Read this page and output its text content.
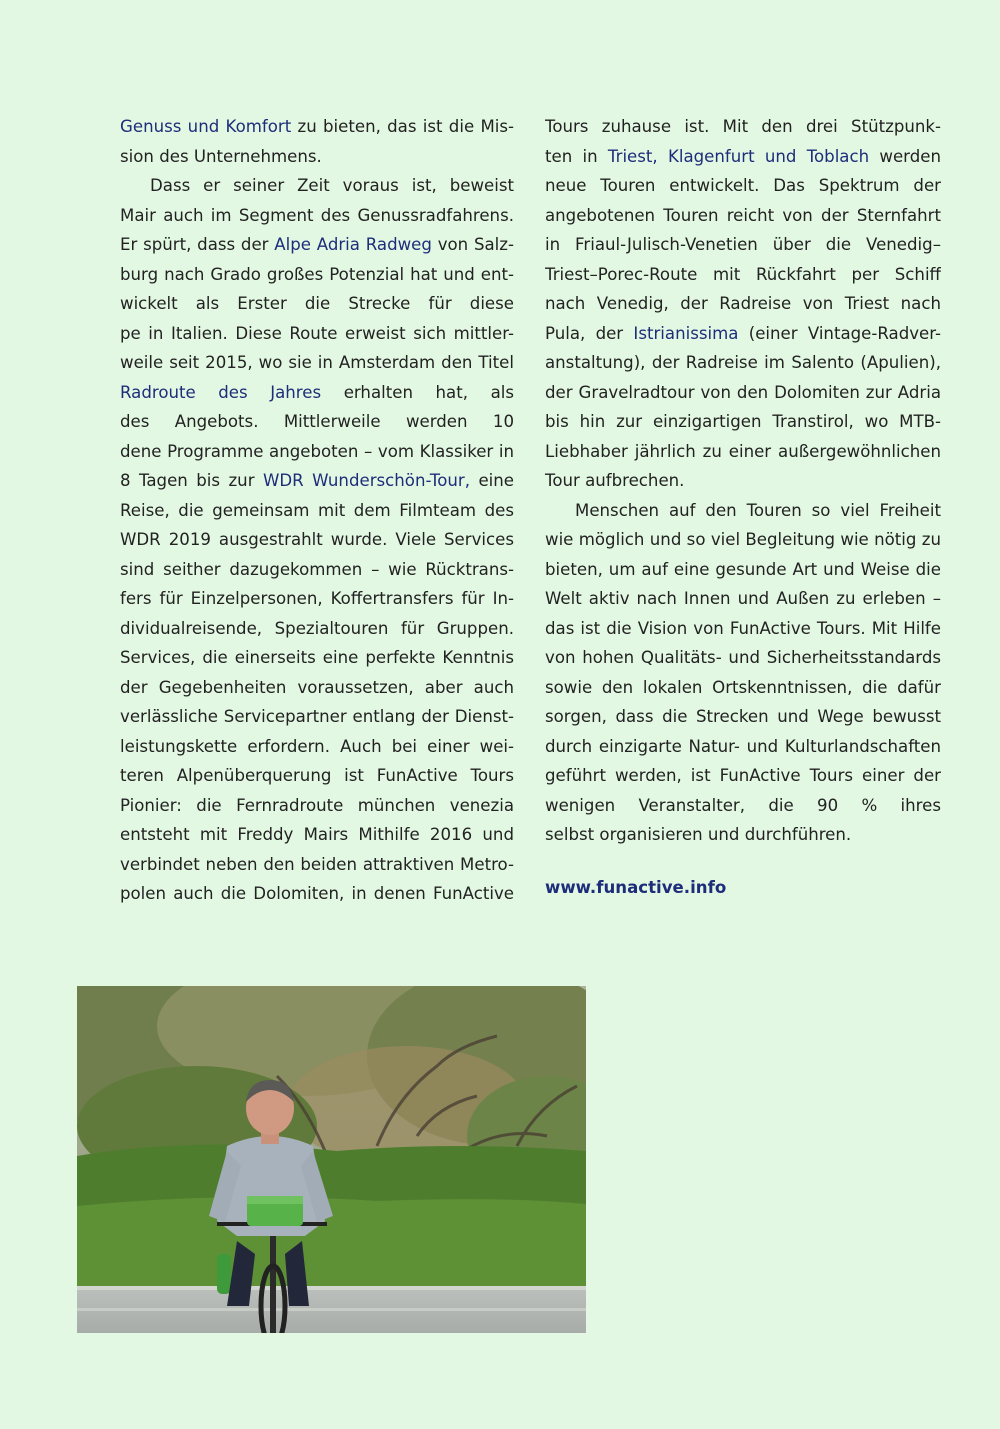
Genuss und Komfort zu bieten, das ist die Mis-
sion des Unternehmens.
Dass er seiner Zeit voraus ist, beweist
Mair auch im Segment des Genussradfahrens.
Er spürt, dass der Alpe Adria Radweg von Salz-
burg nach Grado großes Potenzial hat und ent-
wickelt als Erster die Strecke für diese
pe in Italien. Diese Route erweist sich mittler-
weile seit 2015, wo sie in Amsterdam den Titel
Radroute des Jahres erhalten hat, als
des Angebots. Mittlerweile werden 10
dene Programme angeboten – vom Klassiker in
8 Tagen bis zur WDR Wunderschön-Tour, eine
Reise, die gemeinsam mit dem Filmteam des
WDR 2019 ausgestrahlt wurde. Viele Services
sind seither dazugekommen – wie Rücktrans-
fers für Einzelpersonen, Koffertransfers für In-
dividualreisende, Spezialtouren für Gruppen.
Services, die einerseits eine perfekte Kenntnis
der Gegebenheiten voraussetzen, aber auch
verlässliche Servicepartner entlang der Dienst-
leistungskette erfordern. Auch bei einer wei-
teren Alpenüberquerung ist FunActive Tours
Pionier: die Fernradroute münchen venezia
entsteht mit Freddy Mairs Mithilfe 2016 und
verbindet neben den beiden attraktiven Metro-
polen auch die Dolomiten, in denen FunActive
Tours zuhause ist. Mit den drei Stützpunk-
ten in Triest, Klagenfurt und Toblach werden
neue Touren entwickelt. Das Spektrum der
angebotenen Touren reicht von der Sternfahrt
in Friaul-Julisch-Venetien über die Venedig–
Triest–Porec-Route mit Rückfahrt per Schiff
nach Venedig, der Radreise von Triest nach
Pula, der Istrianissima (einer Vintage-Radver-
anstaltung), der Radreise im Salento (Apulien),
der Gravelradtour von den Dolomiten zur Adria
bis hin zur einzigartigen Transtirol, wo MTB-
Liebhaber jährlich zu einer außergewöhnlichen
Tour aufbrechen.
Menschen auf den Touren so viel Freiheit
wie möglich und so viel Begleitung wie nötig zu
bieten, um auf eine gesunde Art und Weise die
Welt aktiv nach Innen und Außen zu erleben –
das ist die Vision von FunActive Tours. Mit Hilfe
von hohen Qualitäts- und Sicherheitsstandards
sowie den lokalen Ortskenntnissen, die dafür
sorgen, dass die Strecken und Wege bewusst
durch einzigarte Natur- und Kulturlandschaften
geführt werden, ist FunActive Tours einer der
wenigen Veranstalter, die 90 % ihres
selbst organisieren und durchführen.
www.funactive.info
